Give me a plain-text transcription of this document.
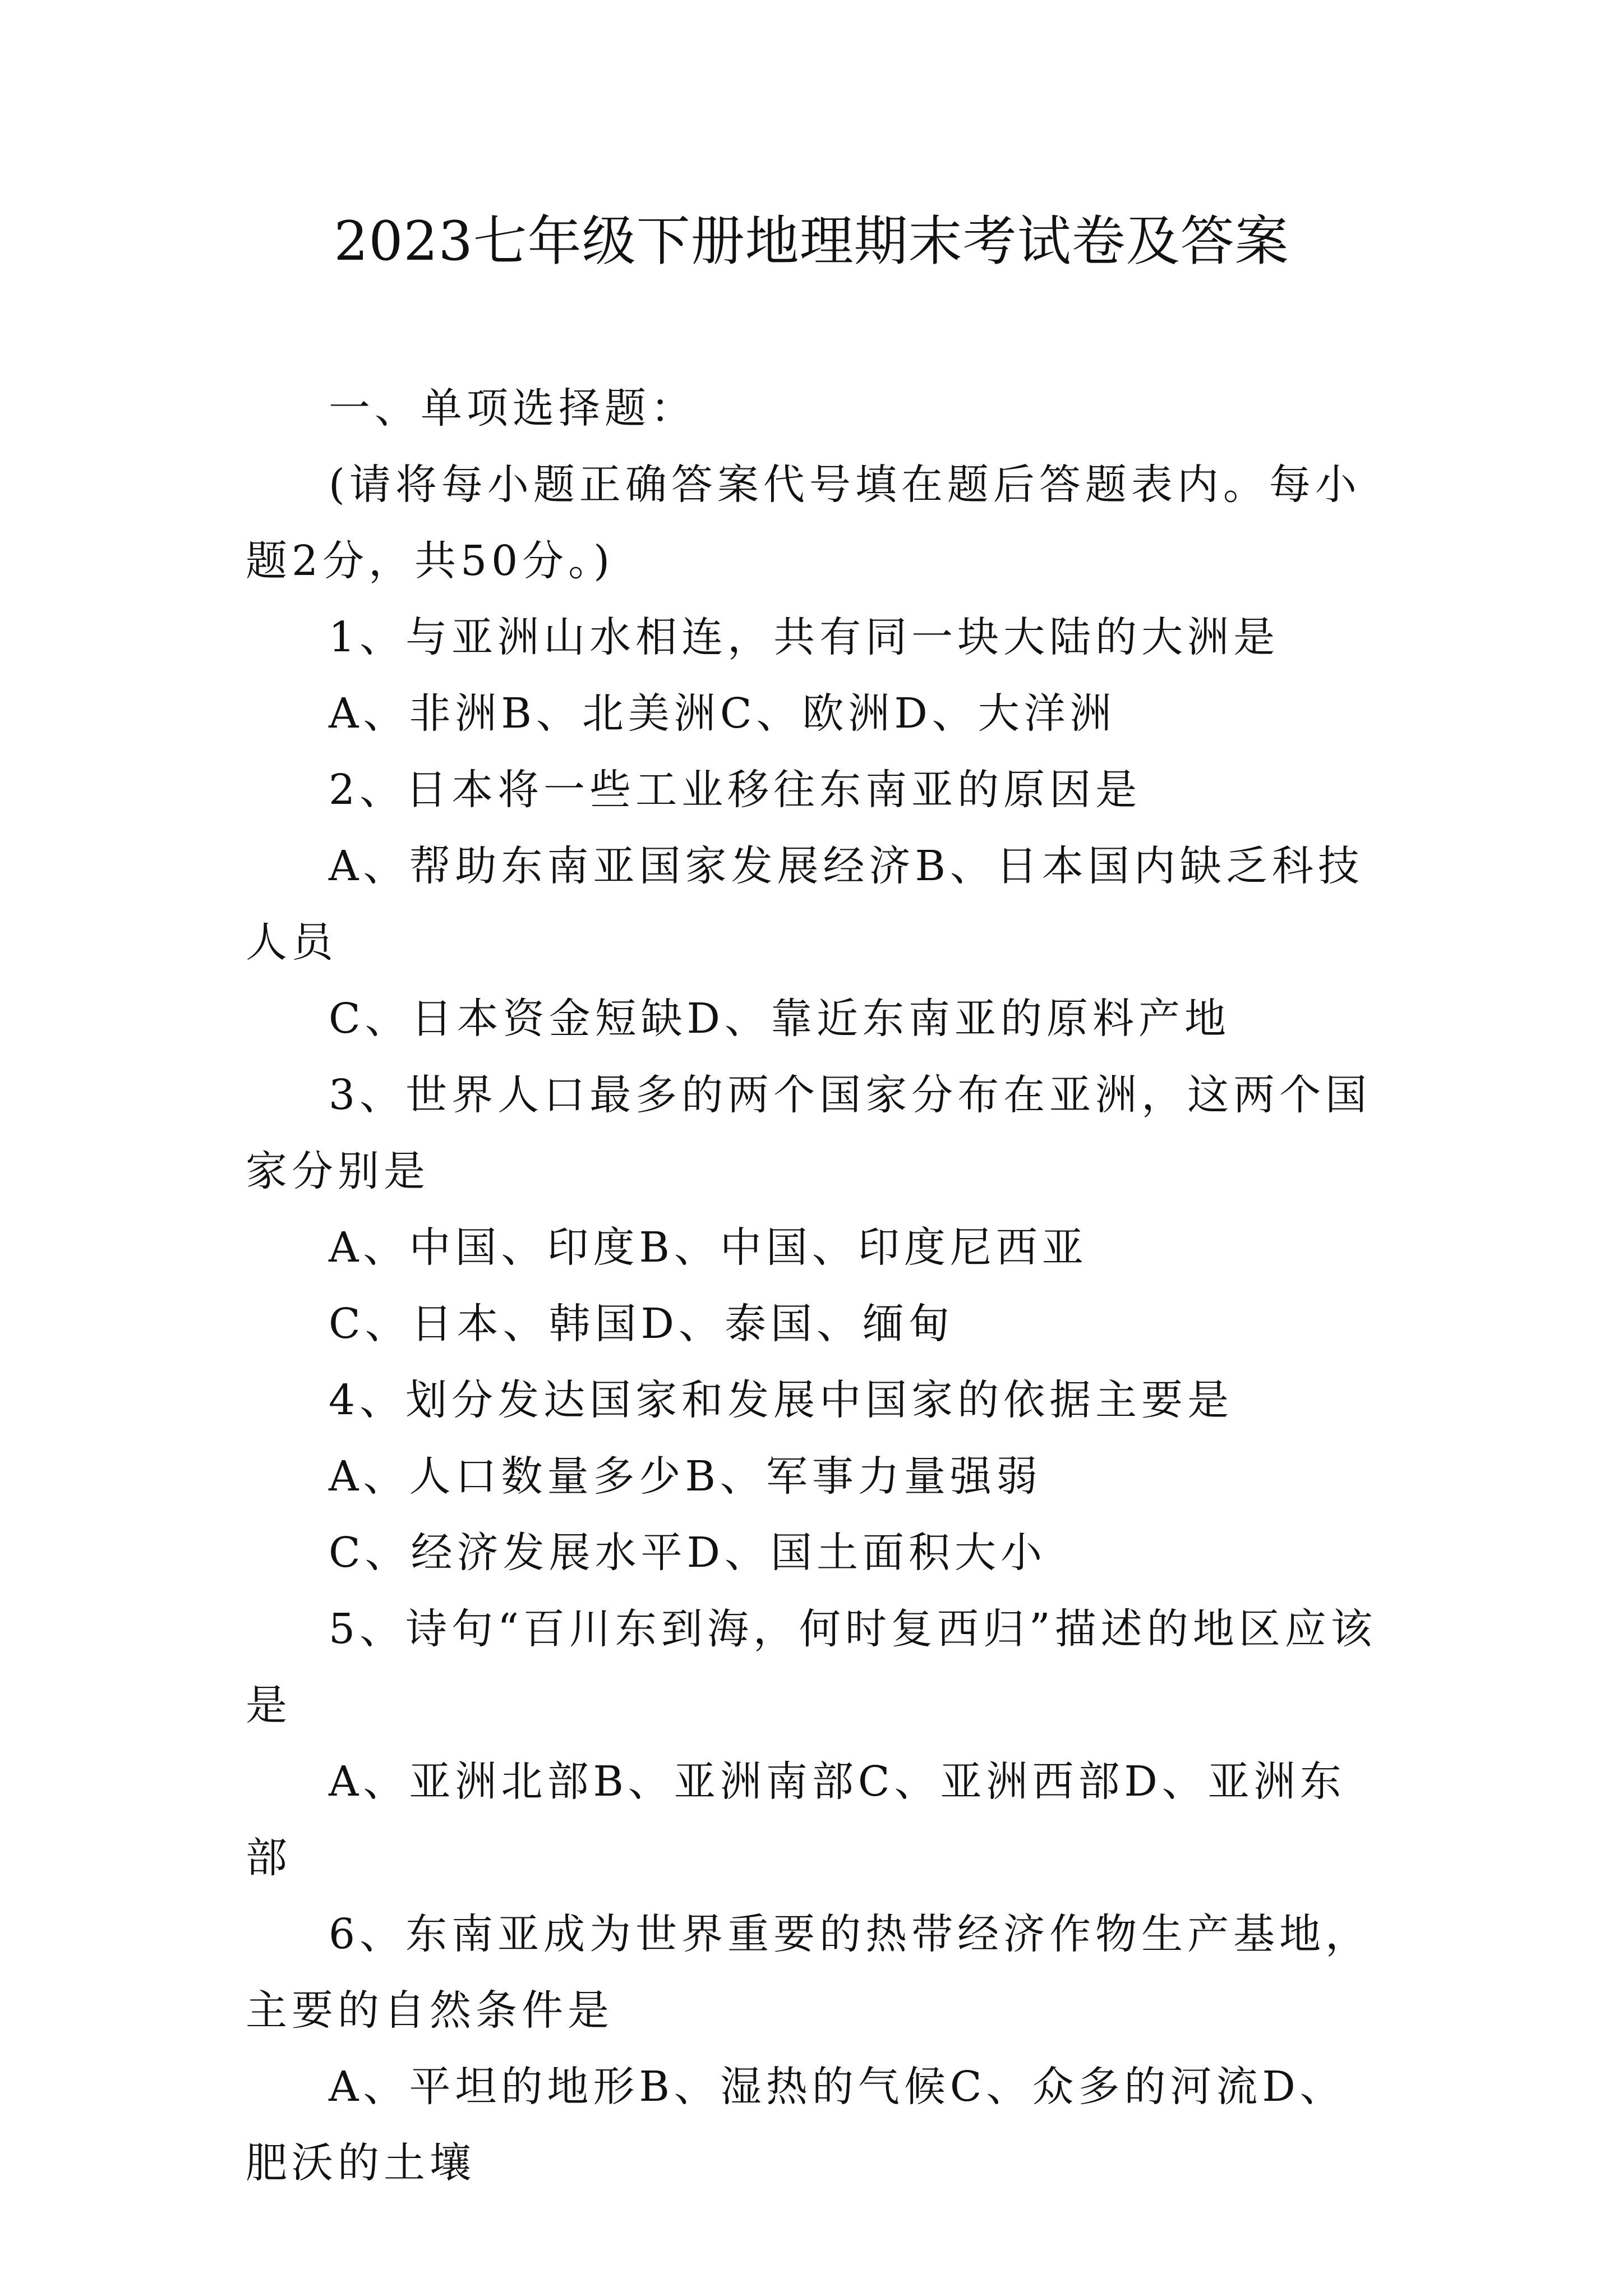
2023七年级下册地理期末考试卷及答案

一、单项选择题：

(请将每小题正确答案代号填在题后答题表内。每小题2分，共50分。)

1、与亚洲山水相连，共有同一块大陆的大洲是

A、非洲B、北美洲C、欧洲D、大洋洲

2、日本将一些工业移往东南亚的原因是

A、帮助东南亚国家发展经济B、日本国内缺乏科技人员

C、日本资金短缺D、靠近东南亚的原料产地

3、世界人口最多的两个国家分布在亚洲，这两个国家分别是

A、中国、印度B、中国、印度尼西亚

C、日本、韩国D、泰国、缅甸

4、划分发达国家和发展中国家的依据主要是

A、人口数量多少B、军事力量强弱

C、经济发展水平D、国土面积大小

5、诗句“百川东到海，何时复西归”描述的地区应该是

A、亚洲北部B、亚洲南部C、亚洲西部D、亚洲东部

6、东南亚成为世界重要的热带经济作物生产基地，主要的自然条件是

A、平坦的地形B、湿热的气候C、众多的河流D、肥沃的土壤
